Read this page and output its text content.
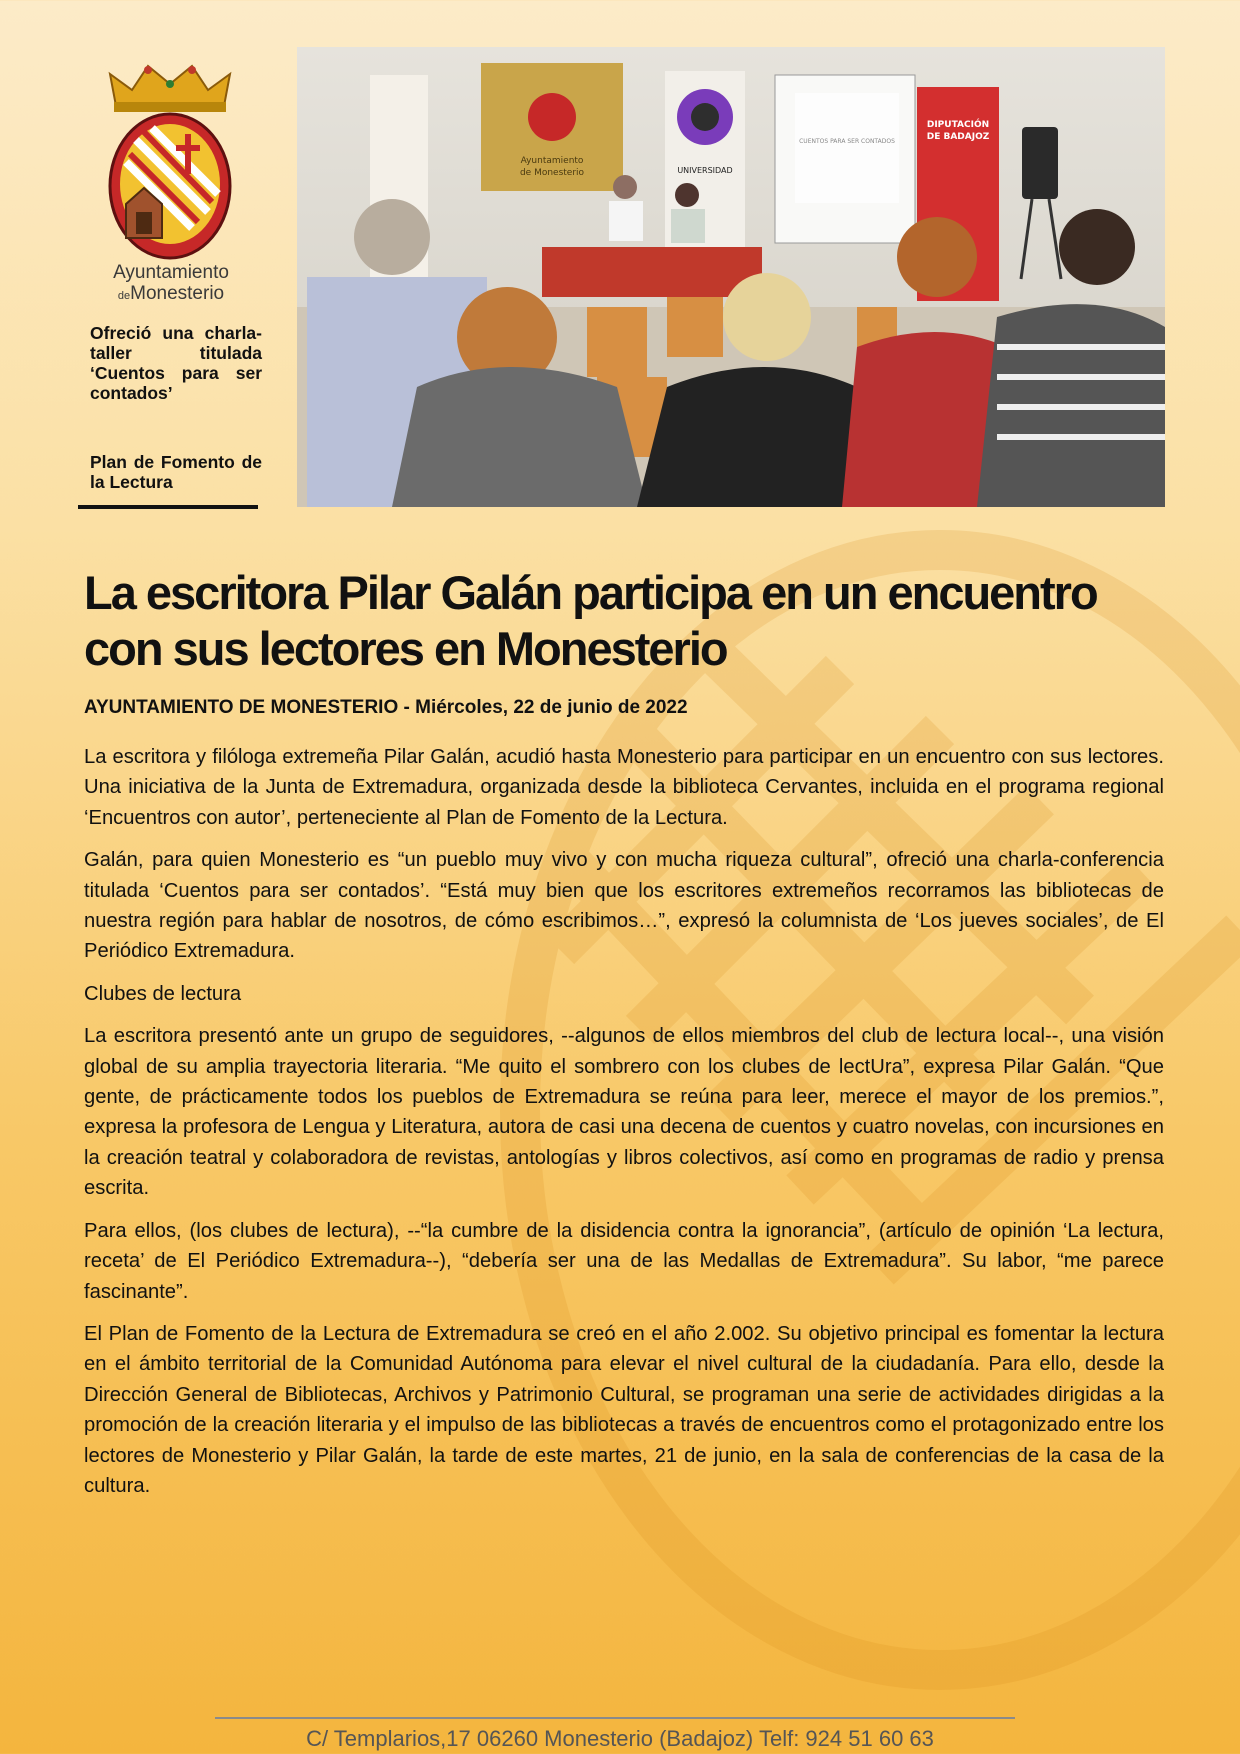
Ayuntamiento
deMonesterio
Ofreció una charla-taller titulada ‘Cuentos para ser contados’
Plan de Fomento de la Lectura
Ayuntamiento
de Monesterio	UNIVERSIDAD
CUENTOS PARA SER CONTADOS
DIPUTACIÓN
DE BADAJOZ
La escritora Pilar Galán participa en un encuentro con sus lectores en Monesterio
AYUNTAMIENTO DE MONESTERIO - Miércoles, 22 de junio de 2022

La escritora y filóloga extremeña Pilar Galán, acudió hasta Monesterio para participar en un encuentro con sus lectores. Una iniciativa de la Junta de Extremadura, organizada desde la biblioteca Cervantes, incluida en el programa regional ‘Encuentros con autor’, perteneciente al Plan de Fomento de la Lectura.

Galán, para quien Monesterio es “un pueblo muy vivo y con mucha riqueza cultural”, ofreció una charla-conferencia titulada ‘Cuentos para ser contados’. “Está muy bien que los escritores extremeños recorramos las bibliotecas de nuestra región para hablar de nosotros, de cómo escribimos…”, expresó la columnista de ‘Los jueves sociales’, de El Periódico Extremadura.

Clubes de lectura

La escritora presentó ante un grupo de seguidores, --algunos de ellos miembros del club de lectura local--, una visión global de su amplia trayectoria literaria. “Me quito el sombrero con los clubes de lectUra”, expresa Pilar Galán. “Que gente, de prácticamente todos los pueblos de Extremadura se reúna para leer, merece el mayor de los premios.”, expresa la profesora de Lengua y Literatura, autora de casi una decena de cuentos y cuatro novelas, con incursiones en la creación teatral y colaboradora de revistas, antologías y libros colectivos, así como en programas de radio y prensa escrita.

Para ellos, (los clubes de lectura), --“la cumbre de la disidencia contra la ignorancia”, (artículo de opinión ‘La lectura, receta’ de El Periódico Extremadura--), “debería ser una de las Medallas de Extremadura”. Su labor, “me parece fascinante”.

El Plan de Fomento de la Lectura de Extremadura se creó en el año 2.002. Su objetivo principal es fomentar la lectura en el ámbito territorial de la Comunidad Autónoma para elevar el nivel cultural de la ciudadanía. Para ello, desde la Dirección General de Bibliotecas, Archivos y Patrimonio Cultural, se programan una serie de actividades dirigidas a la promoción de la creación literaria y el impulso de las bibliotecas a través de encuentros como el protagonizado entre los lectores de Monesterio y Pilar Galán, la tarde de este martes, 21 de junio, en la sala de conferencias de la casa de la cultura.

C/ Templarios,17 06260 Monesterio (Badajoz) Telf: 924 51 60 63
